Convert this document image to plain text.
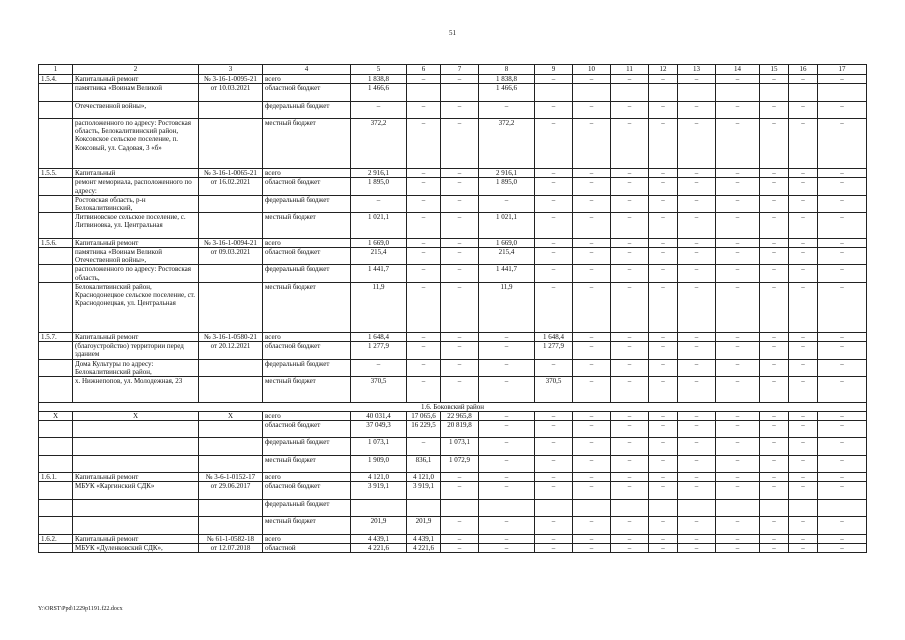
51
1	2	3	4	5	6	7	8	9	10	11	12	13	14	15	16	17
1.5.4.	Капитальный ремонт	№ 3-16-1-0095-21	всего	1 838,8	–	–	1 838,8	–	–	–	–	–	–	–	–	–
	памятника «Воинам Великой	от 10.03.2021	областной бюджет	1 466,6			1 466,6									
	Отечественной войны»,		федеральный бюджет	–	–	–	–	–	–	–	–	–	–	–	–	–
	расположенного по адресу: Ростовская область, Белокалитвинский район, Коксовское сельское поселение, п. Коксовый, ул. Садовая, 3 «б»		местный бюджет	372,2	–	–	372,2	–	–	–	–	–	–	–	–	–
1.5.5.	Капитальный	№ 3-16-1-0065-21	всего	2 916,1	–	–	2 916,1	–	–	–	–	–	–	–	–	–
	ремонт мемориала, расположенного по адресу:	от 16.02.2021	областной бюджет	1 895,0	–	–	1 895,0	–	–	–	–	–	–	–	–	–
	Ростовская область, р-н Белокалитвинский,		федеральный бюджет	–	–	–	–	–	–	–	–	–	–	–	–	–
	Литвиновское сельское поселение, с. Литвиновка, ул. Центральная		местный бюджет	1 021,1	–	–	1 021,1	–	–	–	–	–	–	–	–	–
1.5.6.	Капитальный ремонт	№ 3-16-1-0094-21	всего	1 669,0	–	–	1 669,0	–	–	–	–	–	–	–	–	–
	памятника «Воинам Великой Отечественной войны»,	от 09.03.2021	областной бюджет	215,4	–	–	215,4	–	–	–	–	–	–	–	–	–
	расположенного по адресу: Ростовская область,		федеральный бюджет	1 441,7	–	–	1 441,7	–	–	–	–	–	–	–	–	–
	Белокалитвинский район, Краснодонецкое сельское поселение, ст. Краснодонецкая, ул. Центральная		местный бюджет	11,9	–	–	11,9	–	–	–	–	–	–	–	–	–
1.5.7.	Капитальный ремонт	№ 3-16-1-0580-21	всего	1 648,4	–	–	–	1 648,4	–	–	–	–	–	–	–	–
	(благоустройство) территории перед зданием	от 20.12.2021	областной бюджет	1 277,9	–	–	–	1 277,9	–	–	–	–	–	–	–	–
	Дома Культуры по адресу: Белокалитвинский район,		федеральный бюджет	–	–	–	–	–	–	–	–	–	–	–	–	–
	х. Нижнепопов, ул. Молодежная, 23		местный бюджет	370,5	–	–	–	370,5	–	–	–	–	–	–	–	–
1.6. Боковский район																
Х	Х	Х	всего	40 031,4	17 065,6	22 965,8	–	–	–	–	–	–	–	–	–	–
			областной бюджет	37 049,3	16 229,5	20 819,8	–	–	–	–	–	–	–	–	–	–
			федеральный бюджет	1 073,1	–	1 073,1	–	–	–	–	–	–	–	–	–	–
			местный бюджет	1 909,0	836,1	1 072,9	–	–	–	–	–	–	–	–	–	–
1.6.1.	Капитальный ремонт	№ 3-6-1-0152-17	всего	4 121,0	4 121,0	–	–	–	–	–	–	–	–	–	–	–
	МБУК «Каргинский СДК»	от 29.06.2017	областной бюджет	3 919,1	3 919,1	–	–	–	–	–	–	–	–	–	–	–
			федеральный бюджет													
			местный бюджет	201,9	201,9	–	–	–	–	–	–	–	–	–	–	–
1.6.2.	Капитальный ремонт	№ 61-1-0582-18	всего	4 439,1	4 439,1	–	–	–	–	–	–	–	–	–	–	–
	МБУК «Дуленковский СДК»,	от 12.07.2018	областной	4 221,6	4 221,6	–	–	–	–	–	–	–	–	–	–	–
Y:\ORST\Ppd\1229p1191.f22.docx
